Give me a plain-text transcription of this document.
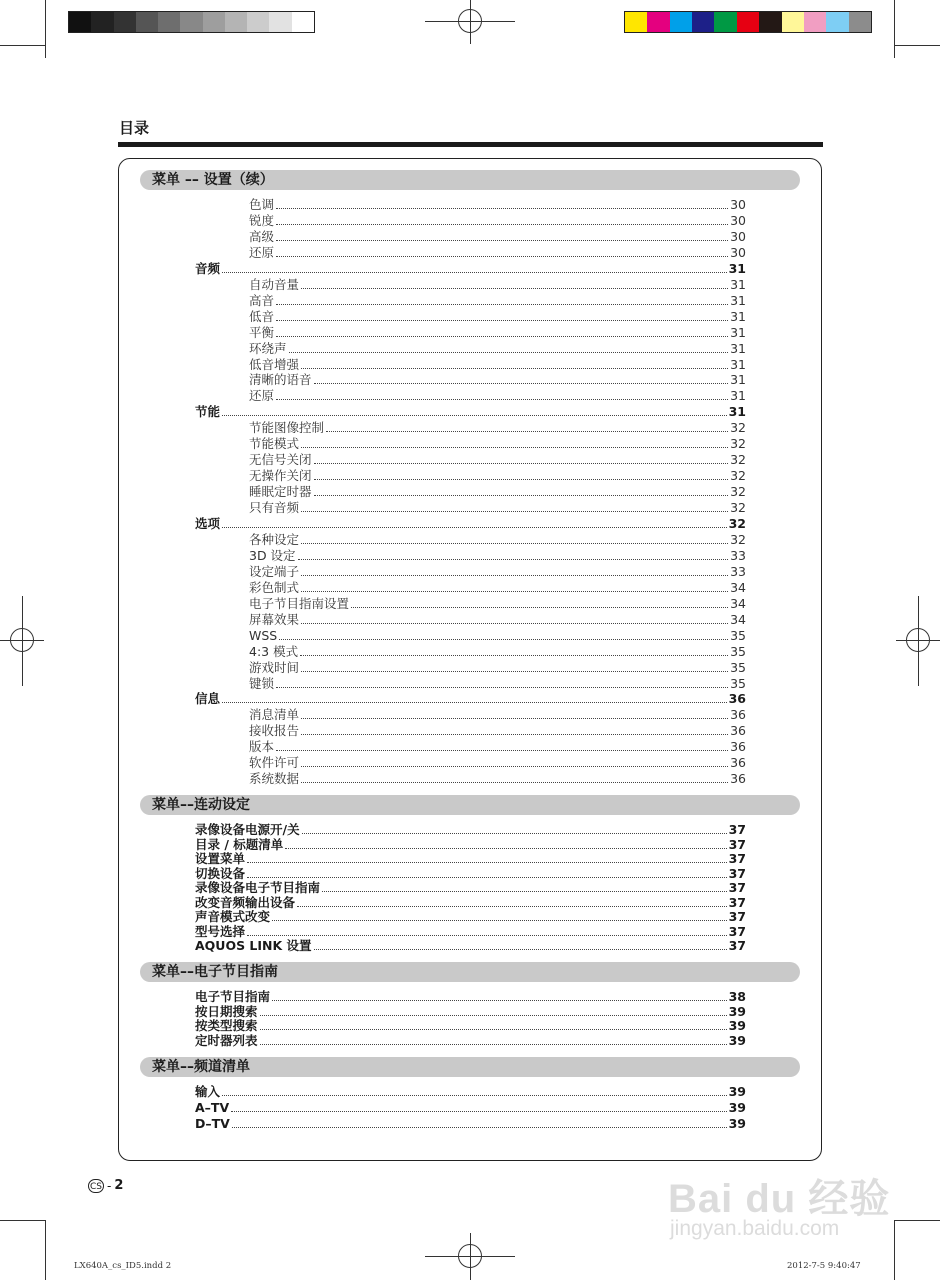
目录
菜单 –– 设置（续）
菜单––连动设定
菜单––电子节目指南
菜单––频道清单
色调	30
锐度	30
高级	30
还原	30
音频	31
自动音量	31
高音	31
低音	31
平衡	31
环绕声	31
低音增强	31
清晰的语音	31
还原	31
节能	31
节能图像控制	32
节能模式	32
无信号关闭	32
无操作关闭	32
睡眠定时器	32
只有音频	32
选项	32
各种设定	32
3D 设定	33
设定端子	33
彩色制式	34
电子节目指南设置	34
屏幕效果	34
WSS	35
4:3 模式	35
游戏时间	35
键锁	35
信息	36
消息清单	36
接收报告	36
版本	36
软件许可	36
系统数据	36
录像设备电源开/关	37
目录 / 标题清单	37
设置菜单	37
切换设备	37
录像设备电子节目指南	37
改变音频输出设备	37
声音模式改变	37
型号选择	37
AQUOS LINK 设置	37
电子节目指南	38
按日期搜索	39
按类型搜索	39
定时器列表	39
输入	39
A–TV	39
D–TV	39
CS - 2	Bai du 经验
jingyan.baidu.com
LX640A_cs_ID5.indd 2	2012-7-5 9:40:47
